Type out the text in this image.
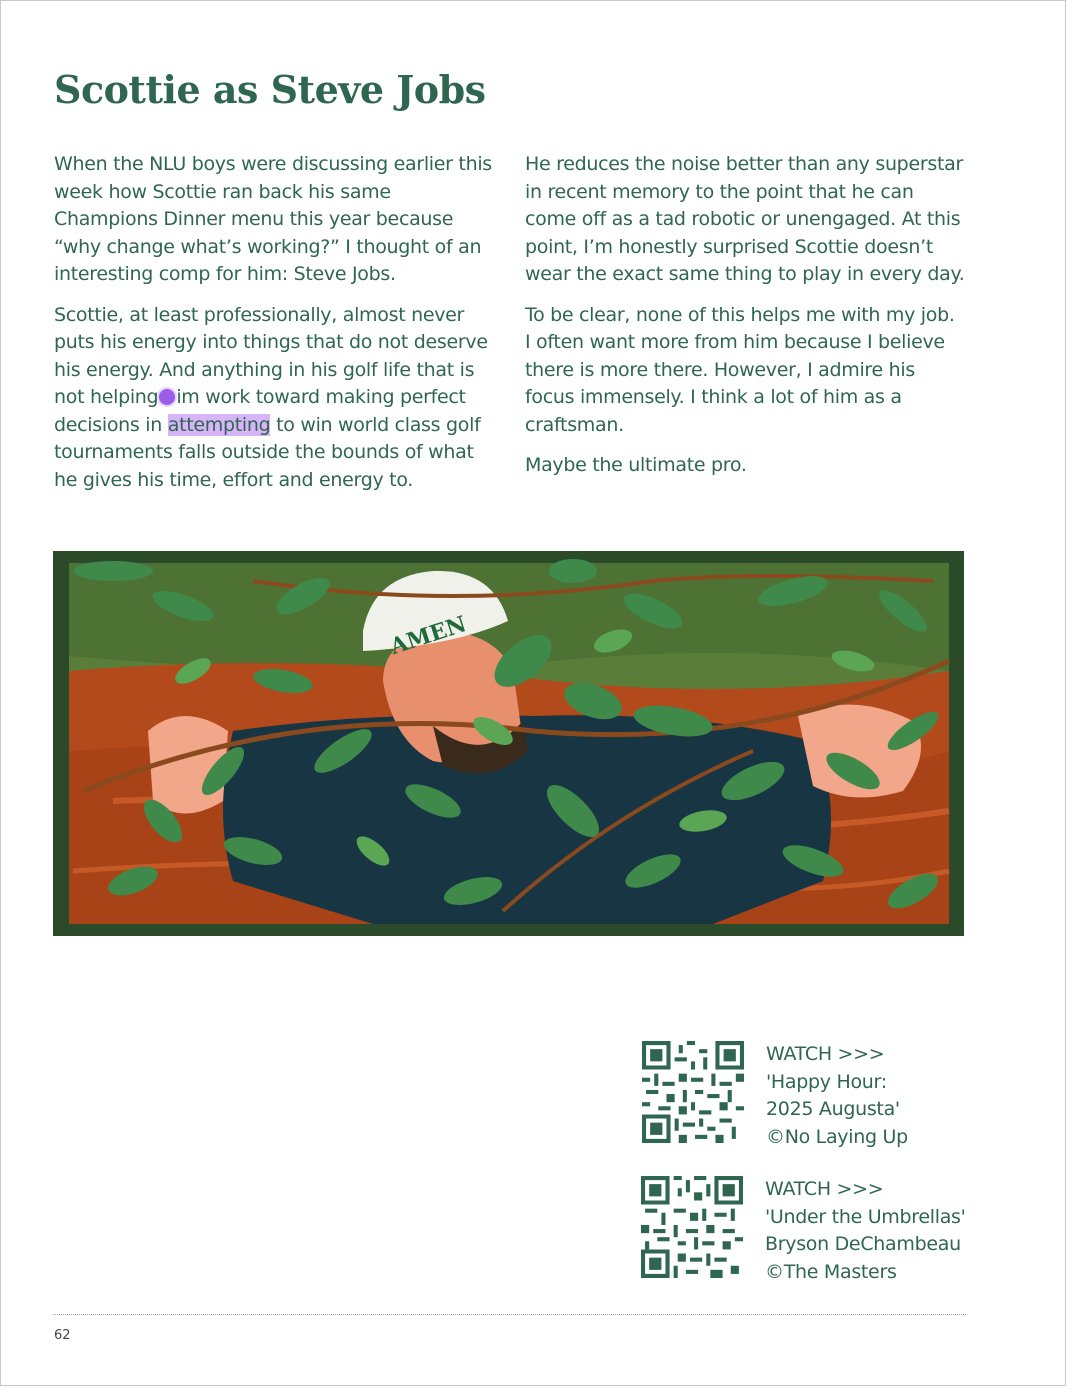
Scottie as Steve Jobs

When the NLU boys were discussing earlier this week how Scottie ran back his same Champions Dinner menu this year because “why change what’s working?” I thought of an interesting comp for him: Steve Jobs.

Scottie, at least professionally, almost never puts his energy into things that do not deserve his energy. And anything in his golf life that is not helping im work toward making perfect decisions in attempting to win world class golf tournaments falls outside the bounds of what he gives his time, effort and energy to.

He reduces the noise better than any superstar in recent memory to the point that he can come off as a tad robotic or unengaged. At this point, I’m honestly surprised Scottie doesn’t wear the exact same thing to play in every day.

To be clear, none of this helps me with my job. I often want more from him because I believe there is more there. However, I admire his focus immensely. I think a lot of him as a craftsman.

Maybe the ultimate pro.

AMEN
WATCH >>>
'Happy Hour:
2025 Augusta'
©No Laying Up
WATCH >>>
'Under the Umbrellas'
Bryson DeChambeau
©The Masters
62
